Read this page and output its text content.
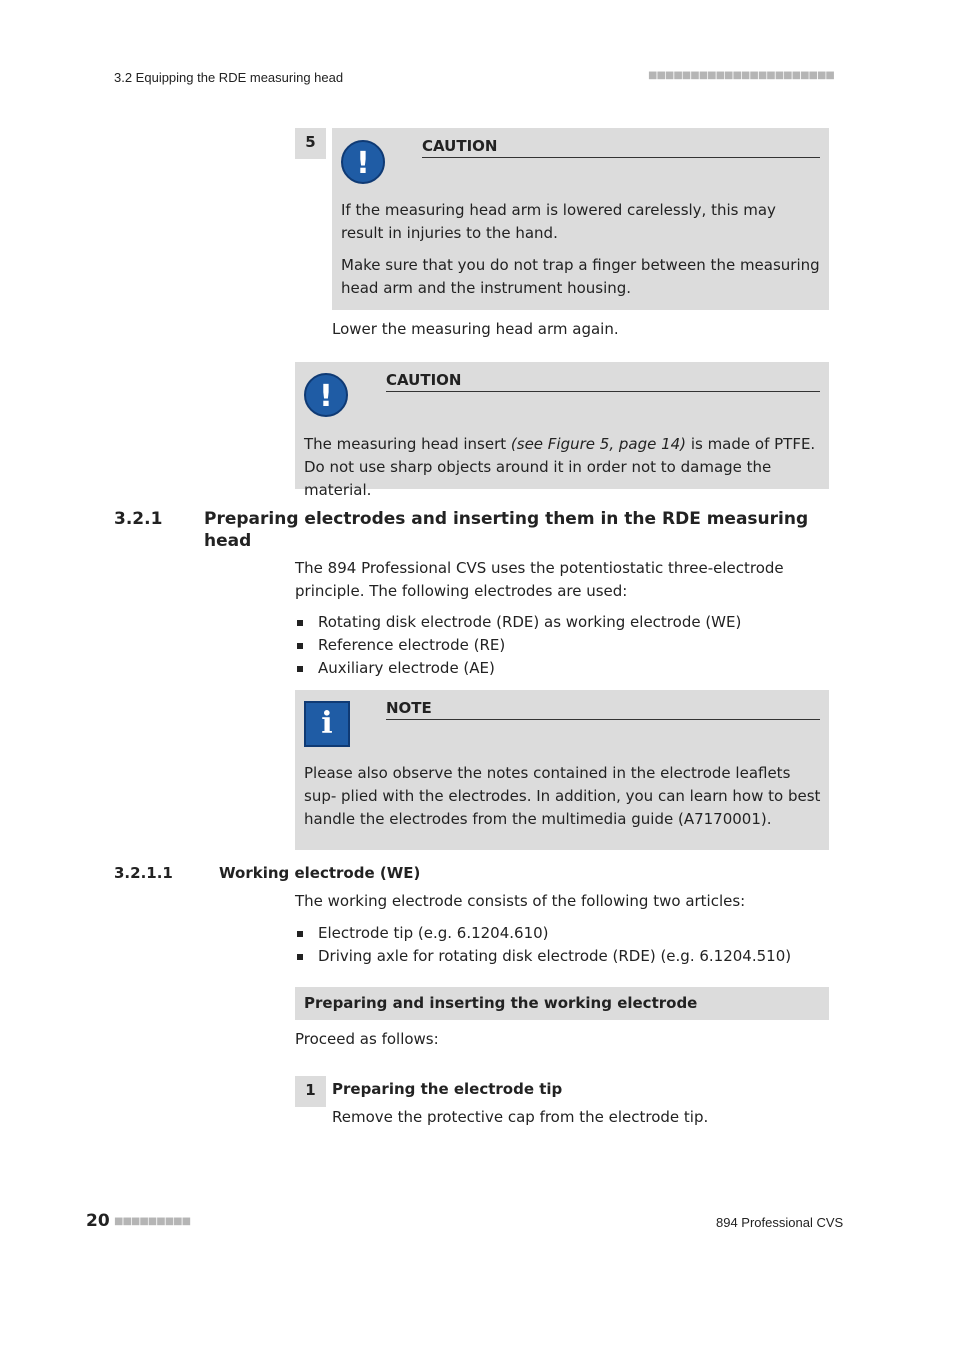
3.2 Equipping the RDE measuring head	■■■■■■■■■■■■■■■■■■■■■■
5
!	CAUTION
If the measuring head arm is lowered carelessly, this may result in injuries to the hand.
Make sure that you do not trap a finger between the measuring head arm and the instrument housing.
Lower the measuring head arm again.
!	CAUTION
The measuring head insert (see Figure 5, page 14) is made of PTFE. Do not use sharp objects around it in order not to damage the material.
3.2.1 Preparing electrodes and inserting them in the RDE measuring head
The 894 Professional CVS uses the potentiostatic three-electrode principle. The following electrodes are used:
Rotating disk electrode (RDE) as working electrode (WE)
Reference electrode (RE)
Auxiliary electrode (AE)
i	NOTE
Please also observe the notes contained in the electrode leaflets sup- plied with the electrodes. In addition, you can learn how to best handle the electrodes from the multimedia guide (A7170001).
3.2.1.1	Working electrode (WE)
The working electrode consists of the following two articles:
Electrode tip (e.g. 6.1204.610)
Driving axle for rotating disk electrode (RDE) (e.g. 6.1204.510)
Preparing and inserting the working electrode
Proceed as follows:
1	Preparing the electrode tip
Remove the protective cap from the electrode tip.
20 ■■■■■■■■■	894 Professional CVS
